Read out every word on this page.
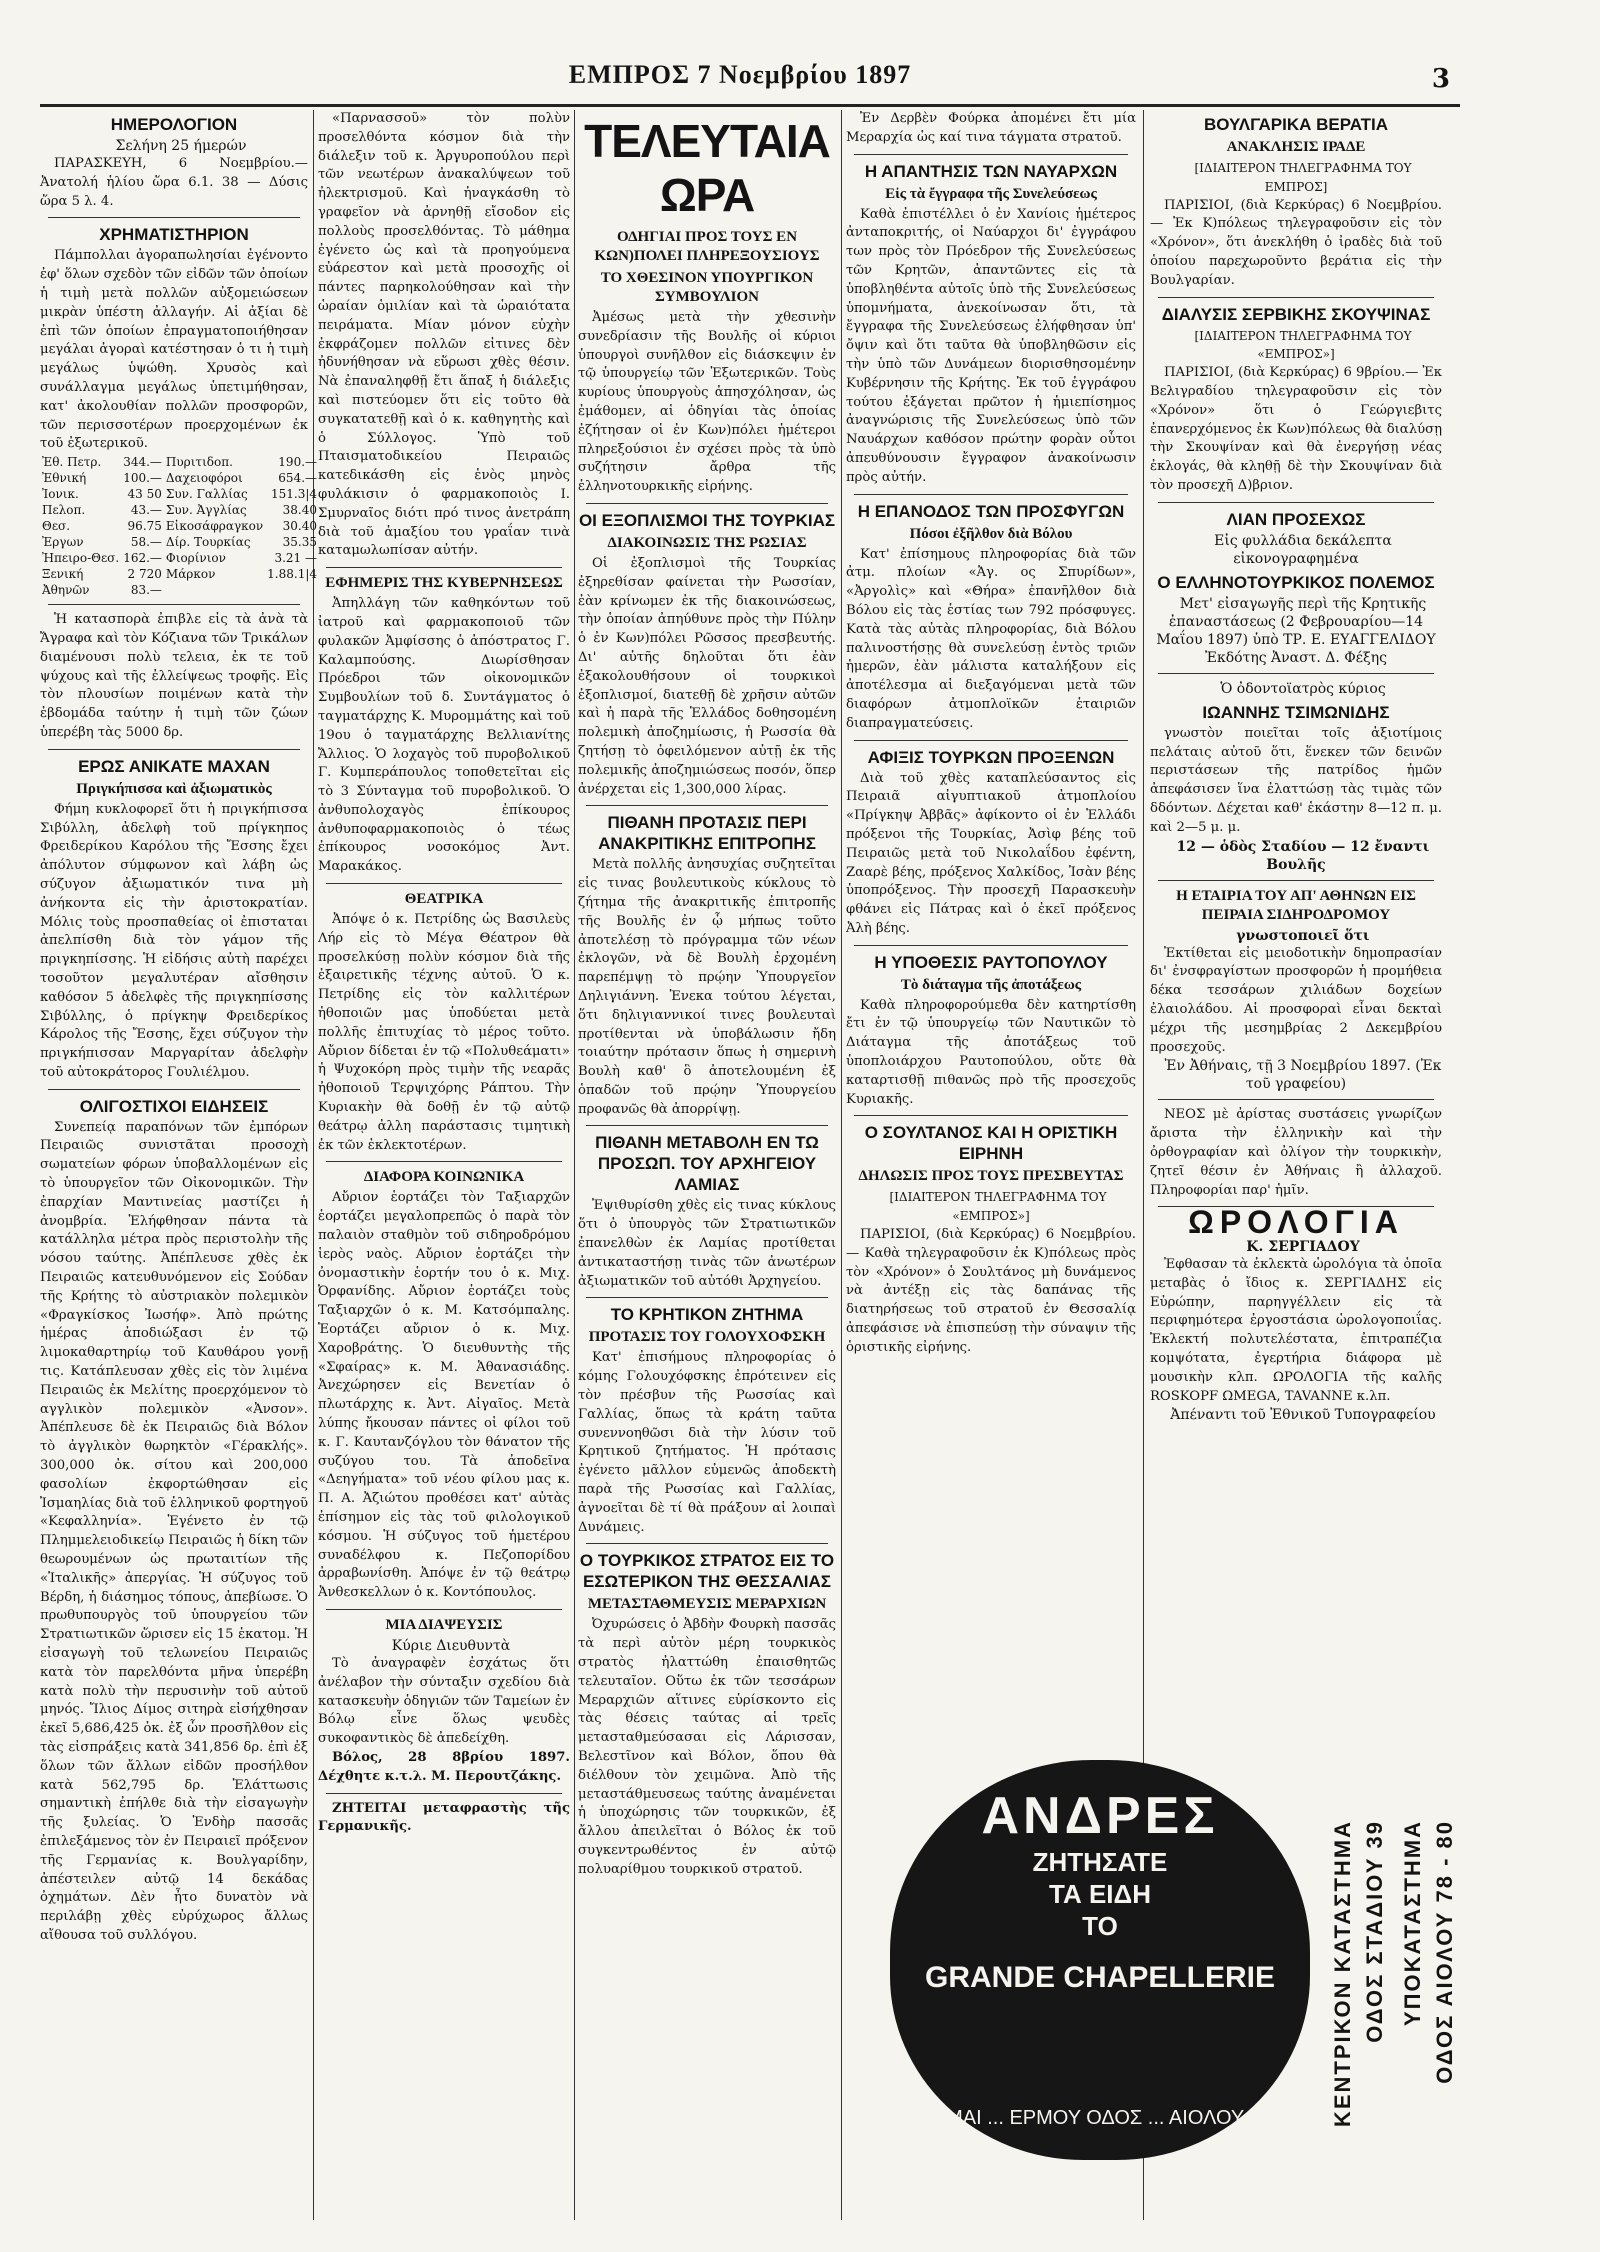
ΕΜΠΡΟΣ 7 Νοεμβρίου 1897	3
ΗΜΕΡΟΛΟΓΙΟΝ

Σελήνη 25 ήμερών

ΠΑΡΑΣΚΕΥΗ, 6 Νοεμβρίου.—Ἀνατολή ἡλίου ὥρα 6.1. 38 — Δύσις ὥρα 5 λ. 4.

ΧΡΗΜΑΤΙΣΤΗΡΙΟΝ

Πάμπολλαι ἀγοραπωλησίαι ἐγένοντο ἐφ' ὅλων σχεδὸν τῶν εἰδῶν τῶν ὁποίων ἡ τιμὴ μετὰ πολλῶν αὐξομειώσεων μικρὰν ὑπέστη ἀλλαγήν. Αἱ ἀξίαι δὲ ἐπὶ τῶν ὁποίων ἐπραγματοποιήθησαν μεγάλαι ἀγοραὶ κατέστησαν ὁ τι ἡ τιμὴ μεγάλως ὑψώθη. Χρυσὸς καὶ συνάλλαγμα μεγάλως ὑπετιμήθησαν, κατ' ἀκολουθίαν πολλῶν προσφορῶν, τῶν περισσοτέρων προερχομένων ἐκ τοῦ ἐξωτερικοῦ.

Ἐθ. Πετρ.	344.—	Πυριτιδοπ.	190.—
Ἐθνική	100.—	Δαχειοφόροι	654.—
Ἰονικ.	43 50	Συν. Γαλλίας	151.3|4
Πελοπ.	43.—	Συν. Ἀγγλίας	38.40
Θεσ.	96.75	Εἰκοσάφραγκον	30.40
Ἐργων	58.—	Δίρ. Τουρκίας	35.35
Ἠπειρο-Θεσ.	162.—	Φιορίνιον	3.21 —
Ξενική	2 720	Μάρκον	1.88.1|4
Ἀθηνῶν	83.—		

Ἡ κατασπορὰ ἐπιβλε εἰς τὰ ἀνὰ τὰ Ἄγραφα καὶ τὸν Κόζιανα τῶν Τρικάλων διαμένουσι πολὺ τελεια, ἐκ τε τοῦ ψύχους καὶ τῆς ἐλλείψεως τροφῆς. Εἰς τὸν πλουσίων ποιμένων κατὰ τὴν ἐβδομάδα ταύτην ἡ τιμὴ τῶν ζώων ὑπερέβη τὰς 5000 δρ.

ΕΡΩΣ ΑΝΙΚΑΤΕ ΜΑΧΑΝ
Πριγκήπισσα καὶ ἀξιωματικὸς

Φήμη κυκλοφορεῖ ὅτι ἡ πριγκήπισσα Σιβύλλη, ἀδελφὴ τοῦ πρίγκηπος Φρειδερίκου Καρόλου τῆς Ἔσσης ἔχει ἀπόλυτον σύμφωνον καὶ λάβη ὡς σύζυγον ἀξιωματικόν τινα μὴ ἀνήκοντα εἰς τὴν ἀριστοκρατίαν. Μόλις τοὺς προσπαθείας οἱ ἐπισταται ἀπελπίσθη διὰ τὸν γάμον τῆς πριγκηπίσσης. Ἡ εἰδήσις αὐτὴ παρέχει τοσοῦτον μεγαλυτέραν αἴσθησιν καθόσον 5 ἀδελφὲς τῆς πριγκηπίσσης Σιβύλλης, ὁ πρίγκηψ Φρειδερίκος Κάρολος τῆς Ἔσσης, ἔχει σύζυγον τὴν πριγκήπισσαν Μαργαρίταν ἀδελφὴν τοῦ αὐτοκράτορος Γουλιέλμου.

ΟΛΙΓΟΣΤΙΧΟΙ ΕΙΔΗΣΕΙΣ

Συνεπείᾳ παραπόνων τῶν ἐμπόρων Πειραιῶς συνιστᾶται προσοχὴ σωματείων φόρων ὑποβαλλομένων εἰς τὸ ὑπουργεῖον τῶν Οἰκονομικῶν. Τὴν ἐπαρχίαν Μαντινείας μαστίζει ἡ ἀνομβρία. Ἐλήφθησαν πάντα τὰ κατάλληλα μέτρα πρὸς περιστολὴν τῆς νόσου ταύτης. Ἀπέπλευσε χθὲς ἐκ Πειραιῶς κατευθυνόμενον εἰς Σούδαν τῆς Κρήτης τὸ αὐστριακὸν πολεμικὸν «Φραγκίσκος Ἰωσήφ». Ἀπὸ πρώτης ἡμέρας ἀποδιώξασι ἐν τῷ λιμοκαθαρτηρίῳ τοῦ Καυθάρου γονῇ τις. Κατάπλευσαν χθὲς εἰς τὸν λιμένα Πειραιῶς ἐκ Μελίτης προερχόμενον τὸ αγγλικὸν πολεμικὸν «Ἀνσον». Ἀπέπλευσε δὲ ἐκ Πειραιῶς διὰ Βόλον τὸ ἀγγλικὸν θωρηκτὸν «Γέρακλής». 300,000 ὀκ. σίτου καὶ 200,000 φασολίων ἐκφορτώθησαν εἰς Ἰσμαηλίας διὰ τοῦ ἑλληνικοῦ φορτηγοῦ «Κεφαλληνία». Ἐγένετο ἐν τῷ Πλημμελειοδικείῳ Πειραιῶς ἡ δίκη τῶν θεωρουμένων ὡς πρωταιτίων τῆς «Ἰταλικῆς» ἀπεργίας. Ἡ σύζυγος τοῦ Βέρδη, ἡ διάσημος τόπους, ἀπεβίωσε. Ὁ πρωθυπουργὸς τοῦ ὑπουργείου τῶν Στρατιωτικῶν ὥρισεν εἰς 15 ἑκατομ. Ἡ εἰσαγωγὴ τοῦ τελωνείου Πειραιῶς κατὰ τὸν παρελθόντα μῆνα ὑπερέβη κατὰ πολὺ τὴν περυσινὴν τοῦ αὐτοῦ μηνός. Ἴλιος Δίμος σιτηρὰ εἰσήχθησαν ἐκεῖ 5,686,425 ὀκ. ἐξ ὧν προσῆλθον εἰς τὰς εἰσπράξεις κατὰ 341,856 δρ. ἐπὶ ἐξ ὅλων τῶν ἄλλων εἰδῶν προσήλθον κατὰ 562,795 δρ. Ἐλάττωσις σημαντικὴ ἐπήλθε διὰ τὴν εἰσαγωγὴν τῆς ξυλείας. Ὁ Ἐνδὴρ πασσᾶς ἐπιλεξάμενος τὸν ἐν Πειραιεῖ πρόξενον τῆς Γερμανίας κ. Βουλγαρίδην, ἀπέστειλεν αὐτῷ 14 δεκάδας ὀχημάτων. Δὲν ἦτο δυνατὸν νὰ περιλάβῃ χθὲς εὐρύχωρος ἄλλως αἴθουσα τοῦ συλλόγου.

«Παρνασσοῦ» τὸν πολὺν προσελθόντα κόσμον διὰ τὴν διάλεξιν τοῦ κ. Ἀργυροπούλου περὶ τῶν νεωτέρων ἀνακαλύψεων τοῦ ἠλεκτρισμοῦ. Καὶ ἠναγκάσθη τὸ γραφεῖον νὰ ἀρνηθῇ εἴσοδον εἰς πολλοὺς προσελθόντας. Τὸ μάθημα ἐγένετο ὡς καὶ τὰ προηγούμενα εὐάρεστον καὶ μετὰ προσοχῆς οἱ πάντες παρηκολούθησαν καὶ τὴν ὡραίαν ὁμιλίαν καὶ τὰ ὡραιότατα πειράματα. Μίαν μόνον εὐχὴν ἐκφράζομεν πολλῶν εἰτινες δὲν ἠδυνήθησαν νὰ εὕρωσι χθὲς θέσιν. Νὰ ἐπαναληφθῇ ἔτι ἅπαξ ἡ διάλεξις καὶ πιστεύομεν ὅτι εἰς τοῦτο θὰ συγκατατεθῇ καὶ ὁ κ. καθηγητὴς καὶ ὁ Σύλλογος. Ὑπὸ τοῦ Πταισματοδικείου Πειραιῶς κατεδικάσθη εἰς ἑνὸς μηνὸς φυλάκισιν ὁ φαρμακοποιὸς Ι. Σμυρναῖος διότι πρό τινος ἀνετράπη διὰ τοῦ ἁμαξίου του γραΐαν τινὰ καταμωλωπίσαν αὐτήν.

ΕΦΗΜΕΡΙΣ ΤΗΣ ΚΥΒΕΡΝΗΣΕΩΣ

Ἀπηλλάγη τῶν καθηκόντων τοῦ ἰατροῦ καὶ φαρμακοποιοῦ τῶν φυλακῶν Ἀμφίσσης ὁ ἀπόστρατος Γ. Καλαμπούσης. Διωρίσθησαν Πρόεδροι τῶν οἰκονομικῶν Συμβουλίων τοῦ δ. Συντάγματος ὁ ταγματάρχης Κ. Μυρομμάτης καὶ τοῦ 19ου ὁ ταγματάρχης Βελλιανίτης Ἄλλιος. Ὁ λοχαγὸς τοῦ πυροβολικοῦ Γ. Κυμπεράπουλος τοποθετεῖται εἰς τὸ 3 Σύνταγμα τοῦ πυροβολικοῦ. Ὁ ἀνθυπολοχαγὸς ἐπίκουρος ἀνθυποφαρμακοποιὸς ὁ τέως ἐπίκουρος νοσοκόμος Ἀντ. Μαρακάκος.

ΘΕΑΤΡΙΚΑ

Ἀπόψε ὁ κ. Πετρίδης ὡς Βασιλεὺς Λήρ εἰς τὸ Μέγα Θέατρον θὰ προσελκύσῃ πολὺν κόσμον διὰ τῆς ἐξαιρετικῆς τέχνης αὐτοῦ. Ὁ κ. Πετρίδης εἰς τὸν καλλιτέρων ἡθοποιῶν μας ὑποδύεται μετὰ πολλῆς ἐπιτυχίας τὸ μέρος τοῦτο. Αὔριον δίδεται ἐν τῷ «Πολυθεάματι» ἡ Ψυχοκόρη πρὸς τιμὴν τῆς νεαρᾶς ἠθοποιοῦ Τερψιχόρης Ράπτου. Τὴν Κυριακὴν θὰ δοθῇ ἐν τῷ αὐτῷ θεάτρῳ ἀλλη παράστασις τιμητικὴ ἐκ τῶν ἐκλεκτοτέρων.

ΔΙΑΦΟΡΑ ΚΟΙΝΩΝΙΚΑ

Αὔριον ἑορτάζει τὸν Ταξιαρχῶν ἑορτάζει μεγαλοπρεπῶς ὁ παρὰ τὸν παλαιὸν σταθμὸν τοῦ σιδηροδρόμου ἱερὸς ναὸς. Αὔριον ἑορτάζει τὴν ὀνομαστικὴν ἑορτήν του ὁ κ. Μιχ. Ὀρφανίδης. Αὔριον ἑορτάζει τοὺς Ταξιαρχῶν ὁ κ. Μ. Κατσόμπαλης. Ἑορτάζει αὔριον ὁ κ. Μιχ. Χαροβράτης. Ὁ διευθυντὴς τῆς «Σφαίρας» κ. Μ. Ἀθανασιάδης. Ἀνεχώρησεν εἰς Βενετίαν ὁ πλωτάρχης κ. Ἀντ. Αἰγαῖος. Μετὰ λύπης ἤκουσαν πάντες οἱ φίλοι τοῦ κ. Γ. Καυτανζόγλου τὸν θάνατον τῆς συζύγου του. Τὰ ἀποδεῖνα «Δεηγήματα» τοῦ νέου φίλου μας κ. Π. Α. Ἀζιώτου προθέσει κατ' αὐτὰς ἐπίσημον εἰς τὰς τοῦ φιλολογικοῦ κόσμου. Ἡ σύζυγος τοῦ ἡμετέρου συναδέλφου κ. Πεζοπορίδου ἀρραβωνίσθη. Ἀπόψε ἐν τῷ θεάτρῳ Ἀνθεσκελλων ὁ κ. Κοντόπουλος.

ΜΙΑ ΔΙΑΨΕΥΣΙΣ

Κύριε Διευθυντὰ

Τὸ ἀναγραφὲν ἐσχάτως ὅτι ἀνέλαβον τὴν σύνταξιν σχεδίου διὰ κατασκευὴν ὁδηγιῶν τῶν Ταμείων ἐν Βόλῳ εἶνε ὅλως ψευδὲς συκοφαντικὸς δὲ ἀπεδείχθη.

Βόλος, 28 8βρίου 1897. Δέχθητε κ.τ.λ. Μ. Περουτζάκης.

ΖΗΤΕΙΤΑΙ μεταφραστὴς τῆς Γερμανικῆς.

ΤΕΛΕΥΤΑΙΑ ΩΡΑ
ΟΔΗΓΙΑΙ ΠΡΟΣ ΤΟΥΣ ΕΝ ΚΩΝ)ΠΟΛΕΙ ΠΛΗΡΕΞΟΥΣΙΟΥΣ
ΤΟ ΧΘΕΣΙΝΟΝ ΥΠΟΥΡΓΙΚΟΝ ΣΥΜΒΟΥΛΙΟΝ

Ἀμέσως μετὰ τὴν χθεσινὴν συνεδρίασιν τῆς Βουλῆς οἱ κύριοι ὑπουργοὶ συνῆλθον εἰς διάσκεψιν ἐν τῷ ὑπουργείῳ τῶν Ἐξωτερικῶν. Τοὺς κυρίους ὑπουργοὺς ἀπησχόλησαν, ὡς ἐμάθομεν, αἱ ὁδηγίαι τὰς ὁποίας ἐζήτησαν οἱ ἐν Κων)πόλει ἡμέτεροι πληρεξούσιοι ἐν σχέσει πρὸς τὰ ὑπὸ συζήτησιν ἄρθρα τῆς ἑλληνοτουρκικῆς εἰρήνης.

ΟΙ ΕΞΟΠΛΙΣΜΟΙ ΤΗΣ ΤΟΥΡΚΙΑΣ
ΔΙΑΚΟΙΝΩΣΙΣ ΤΗΣ ΡΩΣΙΑΣ

Οἱ ἐξοπλισμοὶ τῆς Τουρκίας ἐξηρεθίσαν φαίνεται τὴν Ρωσσίαν, ἐὰν κρίνωμεν ἐκ τῆς διακοινώσεως, τὴν ὁποίαν ἀπηύθυνε πρὸς τὴν Πύλην ὁ ἐν Κων)πόλει Ρῶσσος πρεσβευτής. Δι' αὐτῆς δηλοῦται ὅτι ἐὰν ἐξακολουθήσουν οἱ τουρκικοὶ ἐξοπλισμοί, διατεθῇ δὲ χρῆσιν αὐτῶν καὶ ἡ παρὰ τῆς Ἑλλάδος δοθησομένη πολεμικὴ ἀποζημίωσις, ἡ Ρωσσία θὰ ζητήσῃ τὸ ὀφειλόμενον αὐτῇ ἐκ τῆς πολεμικῆς ἀποζημιώσεως ποσόν, ὅπερ ἀνέρχεται εἰς 1,300,000 λίρας.

ΠΙΘΑΝΗ ΠΡΟΤΑΣΙΣ ΠΕΡΙ ΑΝΑΚΡΙΤΙΚΗΣ ΕΠΙΤΡΟΠΗΣ

Μετὰ πολλῆς ἀνησυχίας συζητεῖται εἰς τινας βουλευτικοὺς κύκλους τὸ ζήτημα τῆς ἀνακριτικῆς ἐπιτροπῆς τῆς Βουλῆς ἐν ᾧ μήπως τοῦτο ἀποτελέσῃ τὸ πρόγραμμα τῶν νέων ἐκλογῶν, νὰ δὲ Βουλὴ ἐρχομένη παρεπέμψῃ τὸ πρῴην Ὑπουργεῖον Δηλιγιάννη. Ἐνεκα τούτου λέγεται, ὅτι δηλιγιαννικοί τινες βουλευταὶ προτίθενται νὰ ὑποβάλωσιν ἤδη τοιαύτην πρότασιν ὅπως ἡ σημερινὴ Βουλὴ καθ' ὃ ἀποτελουμένη ἐξ ὁπαδῶν τοῦ πρῴην Ὑπουργείου προφανῶς θὰ ἀπορρίψῃ.

ΠΙΘΑΝΗ ΜΕΤΑΒΟΛΗ ΕΝ ΤΩ ΠΡΟΣΩΠ. ΤΟΥ ΑΡΧΗΓΕΙΟΥ ΛΑΜΙΑΣ

Ἐψιθυρίσθη χθὲς εἰς τινας κύκλους ὅτι ὁ ὑπουργὸς τῶν Στρατιωτικῶν ἐπανελθὼν ἐκ Λαμίας προτίθεται ἀντικαταστήσῃ τινὰς τῶν ἀνωτέρων ἀξιωματικῶν τοῦ αὐτόθι Ἀρχηγείου.

ΤΟ ΚΡΗΤΙΚΟΝ ΖΗΤΗΜΑ
ΠΡΟΤΑΣΙΣ ΤΟΥ ΓΟΛΟΥΧΟΦΣΚΗ

Κατ' ἐπισήμους πληροφορίας ὁ κόμης Γολουχόφσκης ἐπρότεινεν εἰς τὸν πρέσβυν τῆς Ρωσσίας καὶ Γαλλίας, ὅπως τὰ κράτη ταῦτα συνεννοηθῶσι διὰ τὴν λύσιν τοῦ Κρητικοῦ ζητήματος. Ἡ πρότασις ἐγένετο μᾶλλον εὐμενῶς ἀποδεκτὴ παρὰ τῆς Ρωσσίας καὶ Γαλλίας, ἀγνοεῖται δὲ τί θὰ πράξουν αἱ λοιπαὶ Δυνάμεις.

Ο ΤΟΥΡΚΙΚΟΣ ΣΤΡΑΤΟΣ ΕΙΣ ΤΟ ΕΣΩΤΕΡΙΚΟΝ ΤΗΣ ΘΕΣΣΑΛΙΑΣ
ΜΕΤΑΣΤΑΘΜΕΥΣΙΣ ΜΕΡΑΡΧΙΩΝ

Ὀχυρώσεις ὁ Ἀβδὴν Φουρκὴ πασσᾶς τὰ περὶ αὐτὸν μέρη τουρκικὸς στρατὸς ἠλαττώθη ἐπαισθητῶς τελευταῖον. Οὕτω ἐκ τῶν τεσσάρων Μεραρχιῶν αἵτινες εὑρίσκοντο εἰς τὰς θέσεις ταύτας αἱ τρεῖς μετασταθμεύσασαι εἰς Λάρισσαν, Βελεστῖνον καὶ Βόλον, ὅπου θὰ διέλθουν τὸν χειμῶνα. Ἀπὸ τῆς μεταστάθμευσεως ταύτης ἀναμένεται ἡ ὑποχώρησις τῶν τουρκικῶν, ἐξ ἄλλου ἀπειλεῖται ὁ Βόλος ἐκ τοῦ συγκεντρωθέντος ἐν αὐτῷ πολυαρίθμου τουρκικοῦ στρατοῦ.

Ἐν Δερβὲν Φούρκα ἀπομένει ἔτι μία Μεραρχία ὡς καί τινα τάγματα στρατοῦ.

Η ΑΠΑΝΤΗΣΙΣ ΤΩΝ ΝΑΥΑΡΧΩΝ
Εἰς τὰ ἔγγραφα τῆς Συνελεύσεως

Καθὰ ἐπιστέλλει ὁ ἐν Χανίοις ἡμέτερος ἀνταποκριτής, οἱ Ναύαρχοι δι' ἐγγράφου των πρὸς τὸν Πρόεδρον τῆς Συνελεύσεως τῶν Κρητῶν, ἀπαντῶντες εἰς τὰ ὑποβληθέντα αὐτοῖς ὑπὸ τῆς Συνελεύσεως ὑπομνήματα, ἀνεκοίνωσαν ὅτι, τὰ ἔγγραφα τῆς Συνελεύσεως ἐλήφθησαν ὑπ' ὄψιν καὶ ὅτι ταῦτα θὰ ὑποβληθῶσιν εἰς τὴν ὑπὸ τῶν Δυνάμεων διορισθησομένην Κυβέρνησιν τῆς Κρήτης. Ἐκ τοῦ ἐγγράφου τούτου ἐξάγεται πρῶτον ἡ ἡμιεπίσημος ἀναγνώρισις τῆς Συνελεύσεως ὑπὸ τῶν Ναυάρχων καθόσον πρώτην φορὰν οὗτοι ἀπευθύνουσιν ἔγγραφον ἀνακοίνωσιν πρὸς αὐτήν.

Η ΕΠΑΝΟΔΟΣ ΤΩΝ ΠΡΟΣΦΥΓΩΝ
Πόσοι ἐξῆλθον διὰ Βόλου

Κατ' ἐπίσημους πληροφορίας διὰ τῶν ἀτμ. πλοίων «Ἀγ. ος Σπυρίδων», «Ἀργολὶς» καὶ «Θήρα» ἐπανῆλθον διὰ Βόλου εἰς τὰς ἑστίας των 792 πρόσφυγες. Κατὰ τὰς αὐτὰς πληροφορίας, διὰ Βόλου παλινοστήσῃς θὰ συνελεύσῃ ἐντὸς τριῶν ἡμερῶν, ἐὰν μάλιστα καταλήξουν εἰς ἀποτέλεσμα αἱ διεξαγόμεναι μετὰ τῶν διαφόρων ἀτμοπλοϊκῶν ἑταιριῶν διαπραγματεύσεις.

ΑΦΙΞΙΣ ΤΟΥΡΚΩΝ ΠΡΟΞΕΝΩΝ

Διὰ τοῦ χθὲς καταπλεύσαντος εἰς Πειραιᾶ αἰγυπτιακοῦ ἀτμοπλοίου «Πρίγκηψ Ἀββᾶς» ἀφίκοντο οἱ ἐν Ἑλλάδι πρόξενοι τῆς Τουρκίας, Ἀσὶφ βέης τοῦ Πειραιῶς μετὰ τοῦ Νικολαΐδου ἐφέντη, Ζααρὲ βέης, πρόξενος Χαλκίδος, Ἰσὰν βέης ὑποπρόξενος. Τὴν προσεχῆ Παρασκευὴν φθάνει εἰς Πάτρας καὶ ὁ ἐκεῖ πρόξενος Ἀλὴ βέης.

Η ΥΠΟΘΕΣΙΣ ΡΑΥΤΟΠΟΥΛΟΥ
Τὸ διάταγμα τῆς ἀποτάξεως

Καθὰ πληροφορούμεθα δὲν κατηρτίσθη ἔτι ἐν τῷ ὑπουργείῳ τῶν Ναυτικῶν τὸ Διάταγμα τῆς ἀποτάξεως τοῦ ὑποπλοιάρχου Ραυτοπούλου, οὔτε θὰ καταρτισθῇ πιθανῶς πρὸ τῆς προσεχοῦς Κυριακῆς.

Ο ΣΟΥΛΤΑΝΟΣ ΚΑΙ Η ΟΡΙΣΤΙΚΗ ΕΙΡΗΝΗ
ΔΗΛΩΣΙΣ ΠΡΟΣ ΤΟΥΣ ΠΡΕΣΒΕΥΤΑΣ

[ΙΔΙΑΙΤΕΡΟΝ ΤΗΛΕΓΡΑΦΗΜΑ ΤΟΥ «ΕΜΠΡΟΣ»]

ΠΑΡΙΣΙΟΙ, (διὰ Κερκύρας) 6 Νοεμβρίου.— Καθὰ τηλεγραφοῦσιν ἐκ Κ)πόλεως πρὸς τὸν «Χρόνον» ὁ Σουλτάνος μὴ δυνάμενος νὰ ἀντέξῃ εἰς τὰς δαπάνας τῆς διατηρήσεως τοῦ στρατοῦ ἐν Θεσσαλίᾳ ἀπεφάσισε νὰ ἐπισπεύσῃ τὴν σύναψιν τῆς ὁριστικῆς εἰρήνης.

ΒΟΥΛΓΑΡΙΚΑ ΒΕΡΑΤΙΑ
ΑΝΑΚΛΗΣΙΣ ΙΡΑΔΕ

[ΙΔΙΑΙΤΕΡΟΝ ΤΗΛΕΓΡΑΦΗΜΑ ΤΟΥ ΕΜΠΡΟΣ]

ΠΑΡΙΣΙΟΙ, (διὰ Κερκύρας) 6 Νοεμβρίου.— Ἐκ Κ)πόλεως τηλεγραφοῦσιν εἰς τὸν «Χρόνον», ὅτι ἀνεκλήθη ὁ ἰραδὲς διὰ τοῦ ὁποίου παρεχωροῦντο βεράτια εἰς τὴν Βουλγαρίαν.

ΔΙΑΛΥΣΙΣ ΣΕΡΒΙΚΗΣ ΣΚΟΥΨΙΝΑΣ

[ΙΔΙΑΙΤΕΡΟΝ ΤΗΛΕΓΡΑΦΗΜΑ ΤΟΥ «ΕΜΠΡΟΣ»]

ΠΑΡΙΣΙΟΙ, (διὰ Κερκύρας) 6 9βρίου.— Ἐκ Βελιγραδίου τηλεγραφοῦσιν εἰς τὸν «Χρόνον» ὅτι ὁ Γεώργιεβιτς ἐπανερχόμενος ἐκ Κων)πόλεως θὰ διαλύσῃ τὴν Σκουψίναν καὶ θὰ ἐνεργήσῃ νέας ἐκλογάς, θὰ κληθῇ δὲ τὴν Σκουψίναν διὰ τὸν προσεχῆ Δ)βριον.

ΛΙΑΝ ΠΡΟΣΕΧΩΣ

Εἰς φυλλάδια δεκάλεπτα εἰκονογραφημένα

Ο ΕΛΛΗΝΟΤΟΥΡΚΙΚΟΣ ΠΟΛΕΜΟΣ

Μετ' εἰσαγωγῆς περὶ τῆς Κρητικῆς ἐπαναστάσεως (2 Φεβρουαρίου—14 Μαΐου 1897) ὑπὸ ΤΡ. Ε. ΕΥΑΓΓΕΛΙΔΟΥ Ἐκδότης Ἀναστ. Δ. Φέξης

Ὁ ὀδοντοϊατρὸς κύριος

ΙΩΑΝΝΗΣ ΤΣΙΜΩΝΙΔΗΣ

γνωστὸν ποιεῖται τοῖς ἀξιοτίμοις πελάταις αὐτοῦ ὅτι, ἕνεκεν τῶν δεινῶν περιστάσεων τῆς πατρίδος ἡμῶν ἀπεφάσισεν ἵνα ἐλαττώσῃ τὰς τιμὰς τῶν δδόντων. Δέχεται καθ' ἑκάστην 8—12 π. μ. καὶ 2—5 μ. μ.

12 — ὁδὸς Σταδίου — 12 ἔναντι Βουλῆς

Η ΕΤΑΙΡΙΑ ΤΟΥ ΑΠ' ΑΘΗΝΩΝ ΕΙΣ ΠΕΙΡΑΙΑ ΣΙΔΗΡΟΔΡΟΜΟΥ

γνωστοποιεῖ ὅτι

Ἐκτίθεται εἰς μειοδοτικὴν δημοπρασίαν δι' ἐνσφραγίστων προσφορῶν ἡ προμήθεια δέκα τεσσάρων χιλιάδων δοχείων ἐλαιολάδου. Αἱ προσφοραὶ εἶναι δεκταὶ μέχρι τῆς μεσημβρίας 2 Δεκεμβρίου προσεχοῦς.

Ἐν Ἀθήναις, τῇ 3 Νοεμβρίου 1897. (Ἐκ τοῦ γραφείου)

ΝΕΟΣ μὲ ἀρίστας συστάσεις γνωρίζων ἄριστα τὴν ἑλληνικὴν καὶ τὴν ὀρθογραφίαν καὶ ὀλίγον τὴν τουρκικὴν, ζητεῖ θέσιν ἐν Ἀθήναις ἢ ἀλλαχοῦ. Πληροφορίαι παρ' ἡμῖν.

ΩΡΟΛΟΓΙΑ

Κ. ΣΕΡΓΙΑΔΟΥ

Ἐφθασαν τὰ ἐκλεκτὰ ὡρολόγια τὰ ὁποῖα μεταβὰς ὁ ἴδιος κ. ΣΕΡΓΙΑΔΗΣ εἰς Εὐρώπην, παρηγγέλλειν εἰς τὰ περιφημότερα ἐργοστάσια ὡρολογοποιΐας. Ἐκλεκτή πολυτελέστατα, ἐπιτραπέζια κομψότατα, ἐγερτήρια διάφορα μὲ μουσικὴν κλπ. ΩΡΟΛΟΓΙΑ τῆς καλῆς ROSKOPF ΩMEGA, TAVANNE κ.λπ.

Ἀπέναντι τοῦ Ἐθνικοῦ Τυπογραφείου

ΑΝΔΡΕΣ
ΖΗΤΗΣΑΤΕ
ΤΑ ΕΙΔΗ
ΤΟ
GRANDE CHAPELLERIE
ΤΙΜΑΙ ... ΕΡΜΟΥ ΟΔΟΣ ... ΑΙΟΛΟΥ 39	ΚΕΝΤΡΙΚΟΝ ΚΑΤΑΣΤΗΜΑ ΟΔΟΣ ΣΤΑΔΙΟΥ 39 ΥΠΟΚΑΤΑΣΤΗΜΑ ΟΔΟΣ ΑΙΟΛΟΥ 78 - 80
